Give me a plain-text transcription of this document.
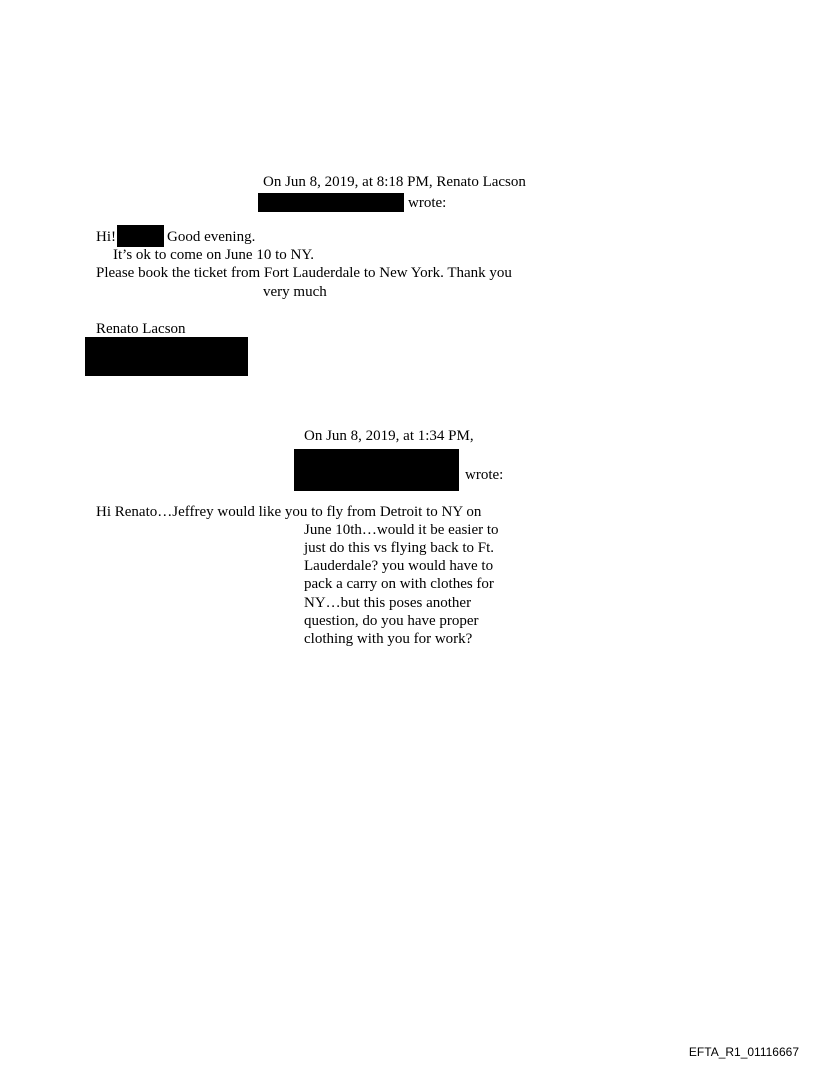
On Jun 8, 2019, at 8:18 PM, Renato Lacson
wrote:
Hi!	Good evening.
It’s ok to come on June 10 to NY.
Please book the ticket from Fort Lauderdale to New York. Thank you
very much
Renato Lacson
On Jun 8, 2019, at 1:34 PM,
wrote:
Hi Renato…Jeffrey would like you to fly from Detroit to NY on
June 10th…would it be easier to
just do this vs flying back to Ft.
Lauderdale? you would have to
pack a carry on with clothes for
NY…but this poses another
question, do you have proper
clothing with you for work?
EFTA_R1_01116667
